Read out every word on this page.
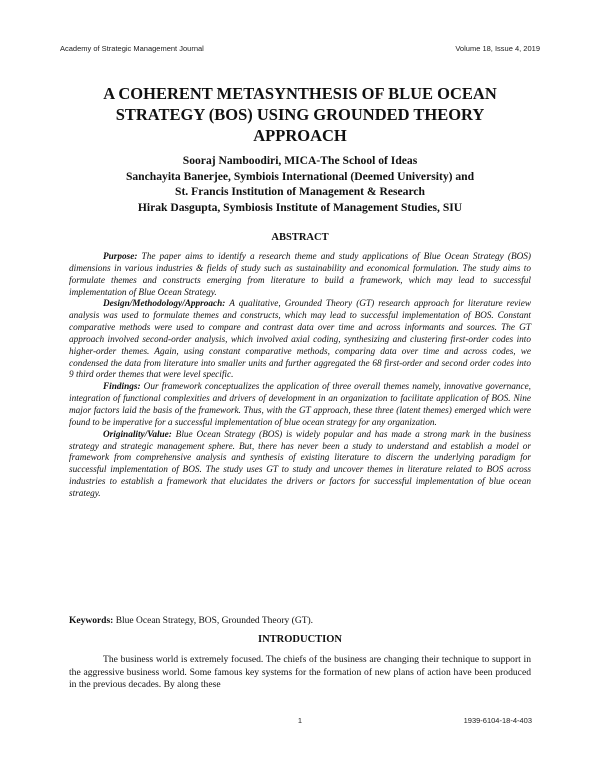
Academy of Strategic Management Journal	Volume 18, Issue 4, 2019
A COHERENT METASYNTHESIS OF BLUE OCEAN STRATEGY (BOS) USING GROUNDED THEORY APPROACH
Sooraj Namboodiri, MICA-The School of Ideas
Sanchayita Banerjee, Symbiois International (Deemed University) and
St. Francis Institution of Management & Research
Hirak Dasgupta, Symbiosis Institute of Management Studies, SIU
ABSTRACT

Purpose: The paper aims to identify a research theme and study applications of Blue Ocean Strategy (BOS) dimensions in various industries & fields of study such as sustainability and economical formulation. The study aims to formulate themes and constructs emerging from literature to build a framework, which may lead to successful implementation of Blue Ocean Strategy.

Design/Methodology/Approach: A qualitative, Grounded Theory (GT) research approach for literature review analysis was used to formulate themes and constructs, which may lead to successful implementation of BOS. Constant comparative methods were used to compare and contrast data over time and across informants and sources. The GT approach involved second-order analysis, which involved axial coding, synthesizing and clustering first-order codes into higher-order themes. Again, using constant comparative methods, comparing data over time and across codes, we condensed the data from literature into smaller units and further aggregated the 68 first-order and second order codes into 9 third order themes that were level specific.

Findings: Our framework conceptualizes the application of three overall themes namely, innovative governance, integration of functional complexities and drivers of development in an organization to facilitate application of BOS. Nine major factors laid the basis of the framework. Thus, with the GT approach, these three (latent themes) emerged which were found to be imperative for a successful implementation of blue ocean strategy for any organization.

Originality/Value: Blue Ocean Strategy (BOS) is widely popular and has made a strong mark in the business strategy and strategic management sphere. But, there has never been a study to understand and establish a model or framework from comprehensive analysis and synthesis of existing literature to discern the underlying paradigm for successful implementation of BOS. The study uses GT to study and uncover themes in literature related to BOS across industries to establish a framework that elucidates the drivers or factors for successful implementation of blue ocean strategy.

Keywords: Blue Ocean Strategy, BOS, Grounded Theory (GT).
INTRODUCTION

The business world is extremely focused. The chiefs of the business are changing their technique to support in the aggressive business world. Some famous key systems for the formation of new plans of action have been produced in the previous decades. By along these

1	1939-6104-18-4-403
